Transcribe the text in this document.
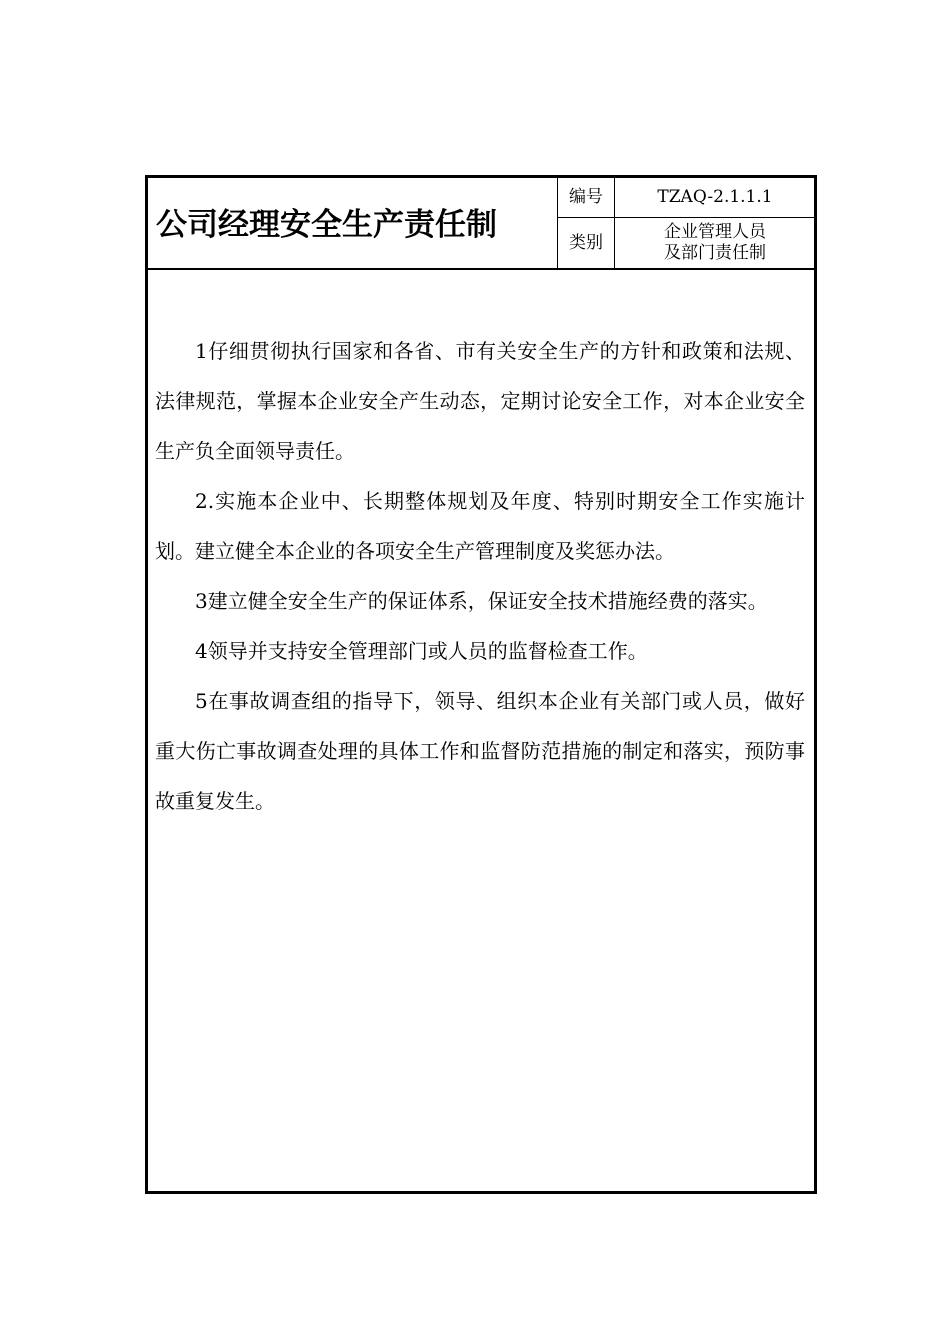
公司经理安全生产责任制
编号	TZAQ-2.1.1.1
类别
企业管理人员
及部门责任制

1仔细贯彻执行国家和各省、市有关安全生产的方针和政策和法规、法律规范，掌握本企业安全产生动态，定期讨论安全工作，对本企业安全生产负全面领导责任。

2.实施本企业中、长期整体规划及年度、特别时期安全工作实施计划。建立健全本企业的各项安全生产管理制度及奖惩办法。

3建立健全安全生产的保证体系，保证安全技术措施经费的落实。

4领导并支持安全管理部门或人员的监督检查工作。

5在事故调查组的指导下，领导、组织本企业有关部门或人员，做好重大伤亡事故调查处理的具体工作和监督防范措施的制定和落实，预防事故重复发生。
